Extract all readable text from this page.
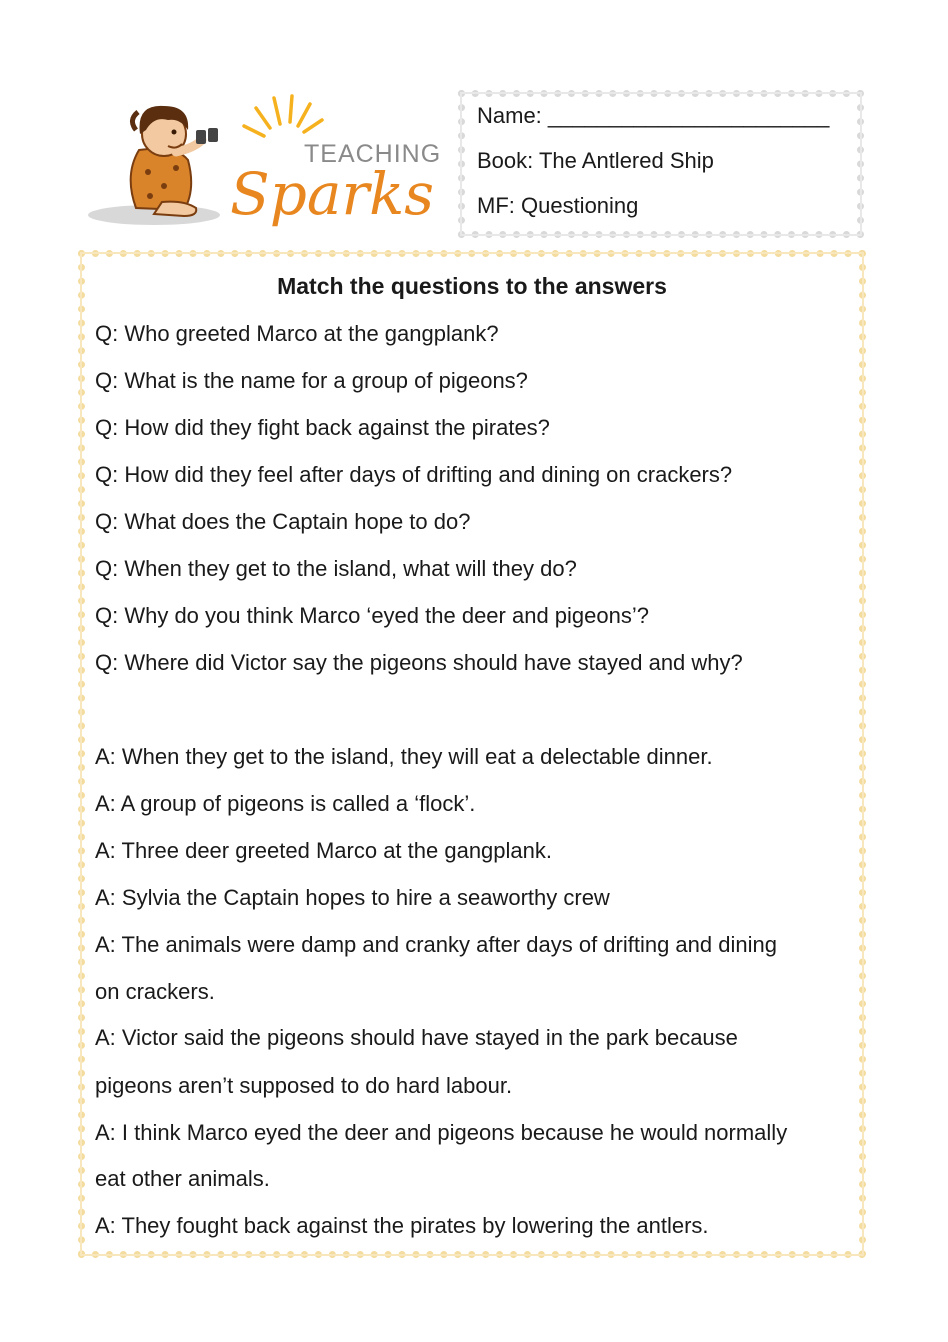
TEACHING
Sparks
Name: _______________________
Book: The Antlered Ship
MF: Questioning
Match the questions to the answers
Q: Who greeted Marco at the gangplank?
Q: What is the name for a group of pigeons?
Q: How did they fight back against the pirates?
Q: How did they feel after days of drifting and dining on crackers?
Q: What does the Captain hope to do?
Q: When they get to the island, what will they do?
Q: Why do you think Marco ‘eyed the deer and pigeons’?
Q: Where did Victor say the pigeons should have stayed and why?
A: When they get to the island, they will eat a delectable dinner.
A: A group of pigeons is called a ‘flock’.
A: Three deer greeted Marco at the gangplank.
A: Sylvia the Captain hopes to hire a seaworthy crew
A: The animals were damp and cranky after days of drifting and dining
on crackers.
A: Victor said the pigeons should have stayed in the park because
pigeons aren’t supposed to do hard labour.
A: I think Marco eyed the deer and pigeons because he would normally
eat other animals.
A: They fought back against the pirates by lowering the antlers.
